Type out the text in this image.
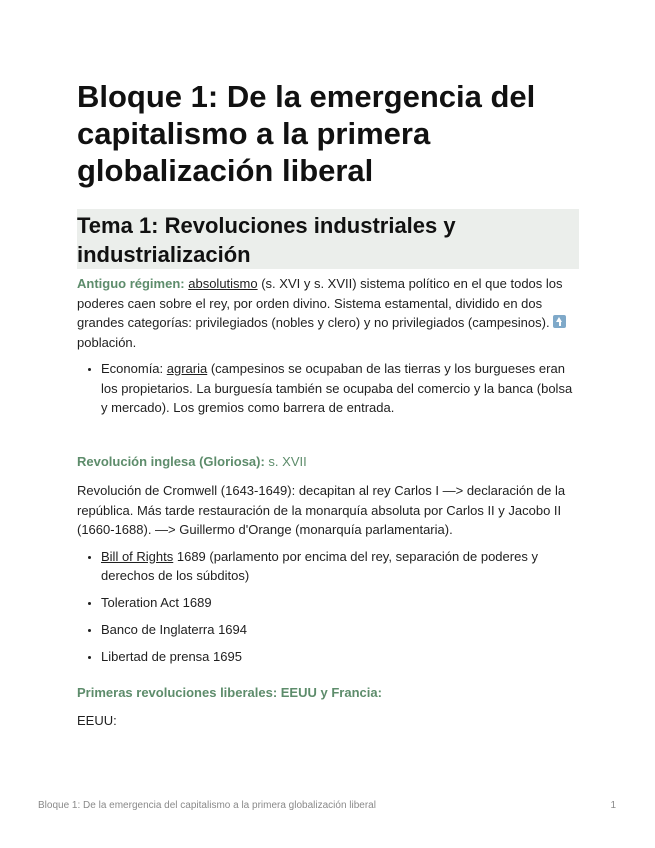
Bloque 1: De la emergencia del
capitalismo a la primera
globalización liberal
Tema 1: Revoluciones industriales y
industrialización

Antiguo régimen: absolutismo (s. XVI y s. XVII) sistema político en el que todos los poderes caen sobre el rey, por orden divino. Sistema estamental, dividido en dos grandes categorías: privilegiados (nobles y clero) y no privilegiados (campesinos).  población.

• Economía: agraria (campesinos se ocupaban de las tierras y los burgueses eran los propietarios. La burguesía también se ocupaba del comercio y la banca (bolsa y mercado). Los gremios como barrera de entrada.

Revolución inglesa (Gloriosa): s. XVII

Revolución de Cromwell (1643-1649): decapitan al rey Carlos I —> declaración de la república. Más tarde restauración de la monarquía absoluta por Carlos II y Jacobo II (1660-1688). —> Guillermo d'Orange (monarquía parlamentaria).

• Bill of Rights 1689 (parlamento por encima del rey, separación de poderes y derechos de los súbditos)
• Toleration Act 1689
• Banco de Inglaterra 1694
• Libertad de prensa 1695

Primeras revoluciones liberales: EEUU y Francia:

EEUU:

Bloque 1: De la emergencia del capitalismo a la primera globalización liberal	1
